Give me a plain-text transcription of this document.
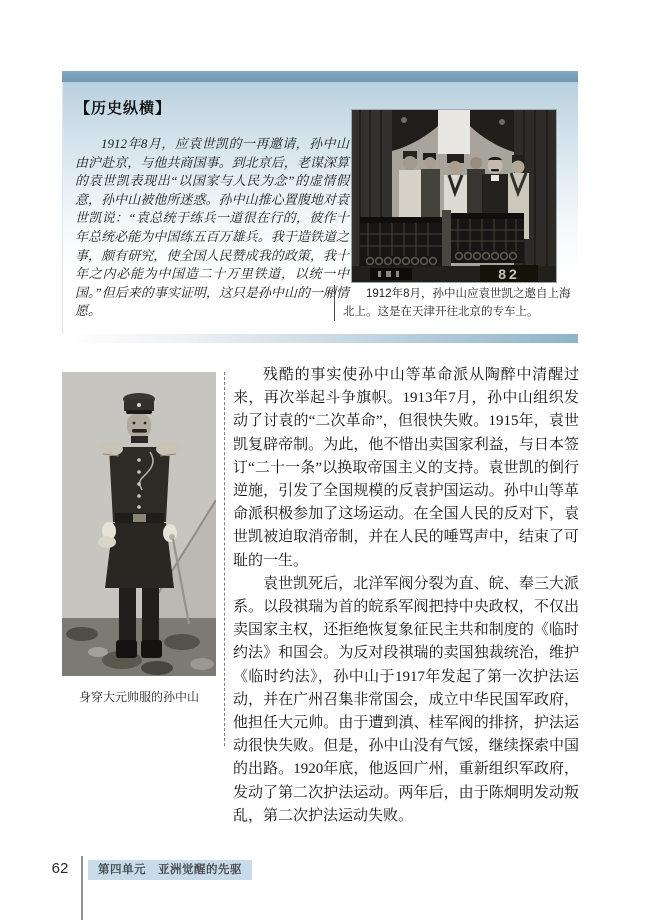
【历史纵横】
1912年8月，应袁世凯的一再邀请，孙中山由沪赴京，与他共商国事。到北京后，老谋深算的袁世凯表现出“以国家与人民为念”的虚情假意，孙中山被他所迷惑。孙中山推心置腹地对袁世凯说：“袁总统于练兵一道很在行的，彼作十年总统必能为中国练五百万雄兵。我于造铁道之事，颇有研究，使全国人民赞成我的政策，我十年之内必能为中国造二十万里铁道，以统一中国。”但后来的事实证明，这只是孙中山的一厢情愿。
82
1912年8月，孙中山应袁世凯之邀自上海北上。这是在天津开往北京的专车上。
身穿大元帅服的孙中山

残酷的事实使孙中山等革命派从陶醉中清醒过来，再次举起斗争旗帜。1913年7月，孙中山组织发动了讨袁的“二次革命”，但很快失败。1915年，袁世凯复辟帝制。为此，他不惜出卖国家利益，与日本签订“二十一条”以换取帝国主义的支持。袁世凯的倒行逆施，引发了全国规模的反袁护国运动。孙中山等革命派积极参加了这场运动。在全国人民的反对下，袁世凯被迫取消帝制，并在人民的唾骂声中，结束了可耻的一生。

袁世凯死后，北洋军阀分裂为直、皖、奉三大派系。以段祺瑞为首的皖系军阀把持中央政权，不仅出卖国家主权，还拒绝恢复象征民主共和制度的《临时约法》和国会。为反对段祺瑞的卖国独裁统治，维护《临时约法》，孙中山于1917年发起了第一次护法运动，并在广州召集非常国会，成立中华民国军政府，他担任大元帅。由于遭到滇、桂军阀的排挤，护法运动很快失败。但是，孙中山没有气馁，继续探索中国的出路。1920年底，他返回广州，重新组织军政府，发动了第二次护法运动。两年后，由于陈炯明发动叛乱，第二次护法运动失败。

62	第四单元　亚洲觉醒的先驱
